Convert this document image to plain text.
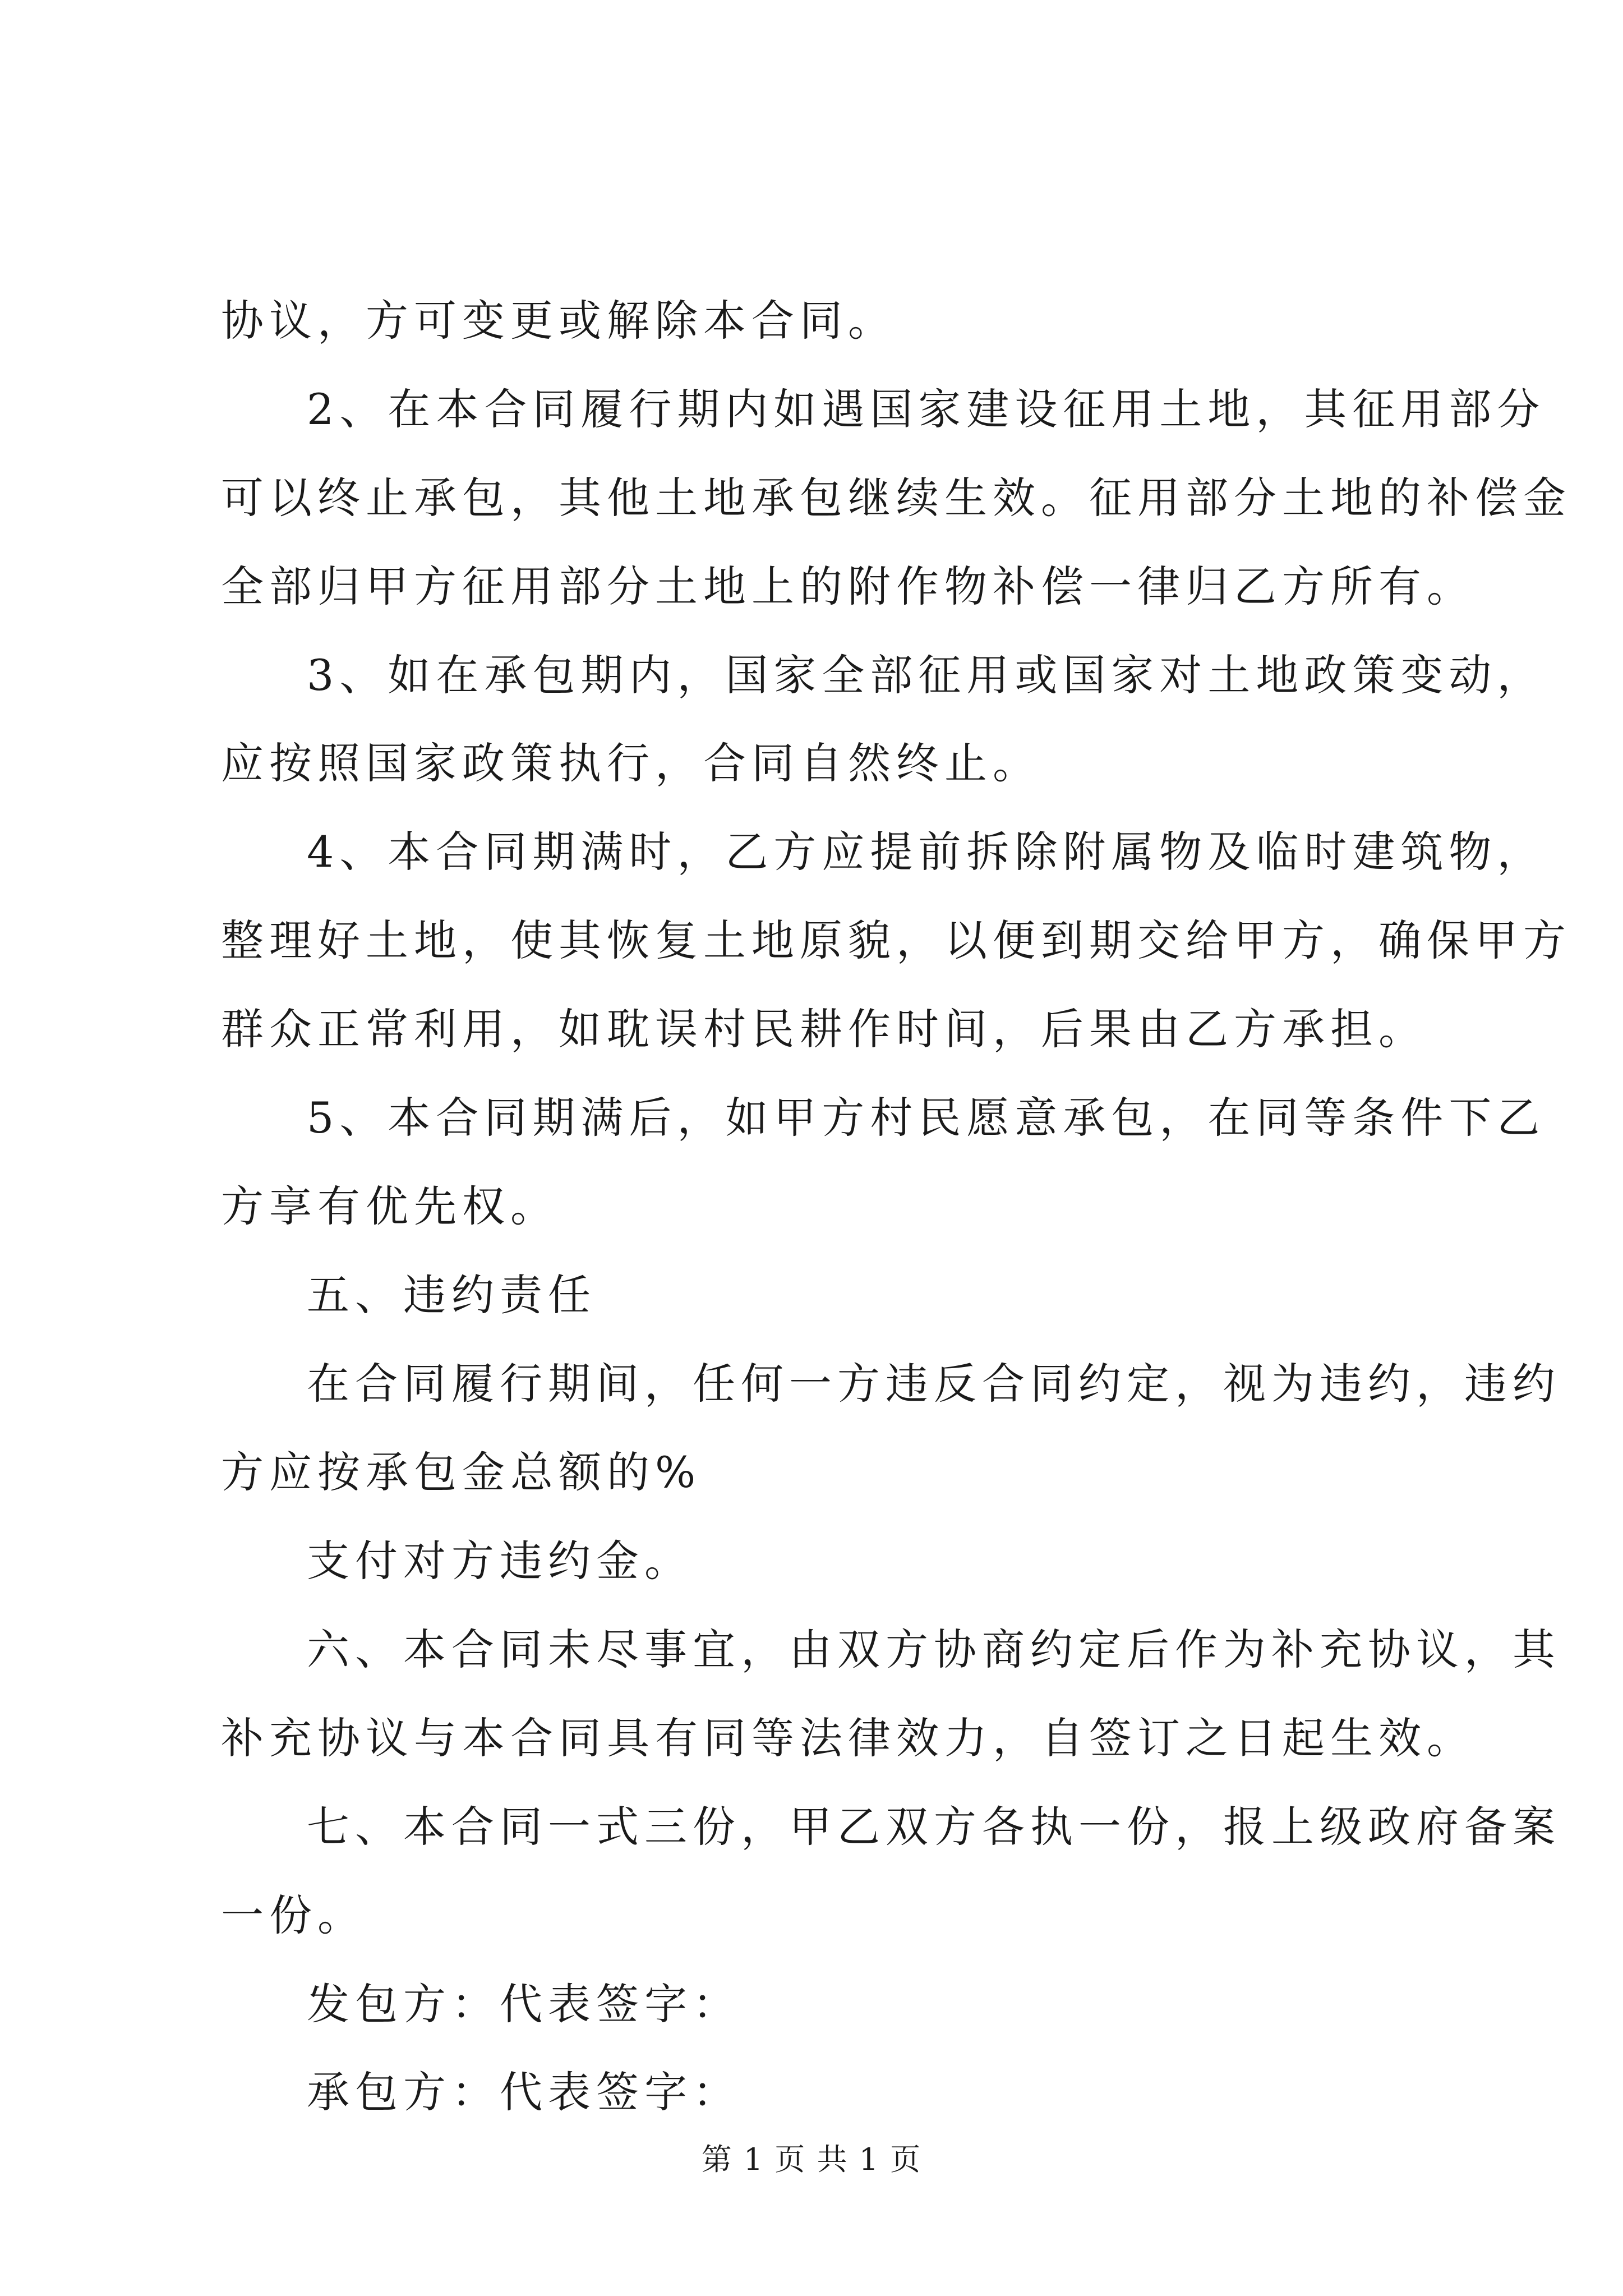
协议，方可变更或解除本合同。
2、在本合同履行期内如遇国家建设征用土地，其征用部分
可以终止承包，其他土地承包继续生效。征用部分土地的补偿金
全部归甲方征用部分土地上的附作物补偿一律归乙方所有。
3、如在承包期内，国家全部征用或国家对土地政策变动，
应按照国家政策执行，合同自然终止。
4、本合同期满时，乙方应提前拆除附属物及临时建筑物，
整理好土地，使其恢复土地原貌，以便到期交给甲方，确保甲方
群众正常利用，如耽误村民耕作时间，后果由乙方承担。
5、本合同期满后，如甲方村民愿意承包，在同等条件下乙
方享有优先权。
五、违约责任
在合同履行期间，任何一方违反合同约定，视为违约，违约
方应按承包金总额的%
支付对方违约金。
六、本合同未尽事宜，由双方协商约定后作为补充协议，其
补充协议与本合同具有同等法律效力，自签订之日起生效。
七、本合同一式三份，甲乙双方各执一份，报上级政府备案
一份。
发包方：代表签字：
承包方：代表签字：
第 1 页 共 1 页
